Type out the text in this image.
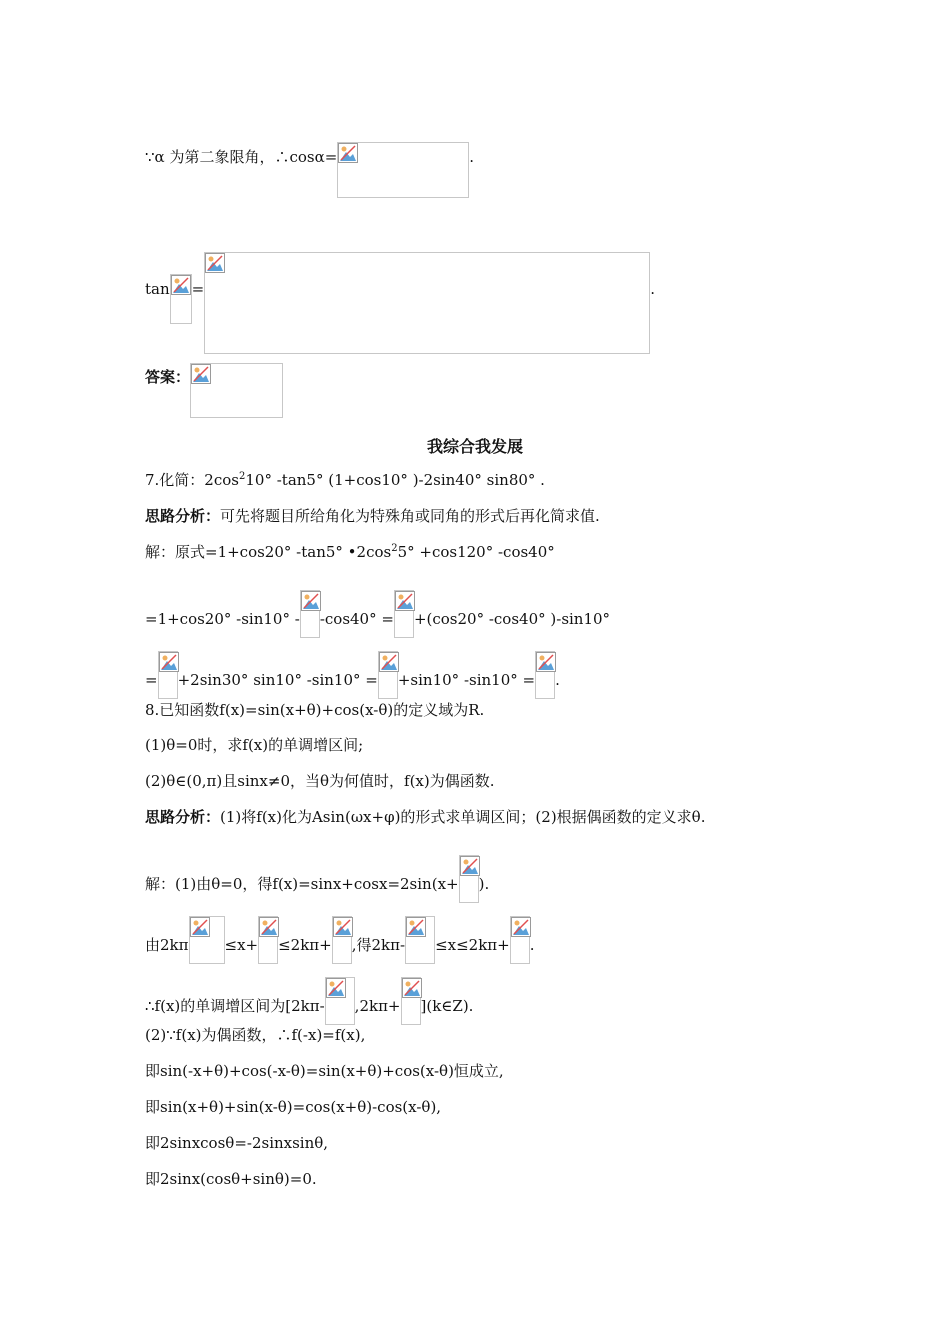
∵α 为第二象限角，∴cosα=	.
tan =	.
答案：
我综合我发展
7.化简：$2\cos^210^\circ$ -tan5° (1+cos10° )-2sin40° sin80° .
思路分析：可先将题目所给角化为特殊角或同角的形式后再化简求值.
解：原式=1+cos20° -tan5° $•2\cos^25^\circ +\cos 120^\circ$ -cos40°
=1+cos20° -sin10° - -cos40° = +(cos20° -cos40° )-sin10°
= +2sin30° sin10° -sin10° = +sin10° -sin10° = .
8.已知函数f(x)=sin(x+θ)+cos(x-θ)的定义域为R.
(1)θ=0时，求f(x)的单调增区间;
(2)θ∈(0,π)且sinx≠0，当θ为何值时，f(x)为偶函数.
思路分析：(1)将f(x)化为Asin(ωx+φ)的形式求单调区间；(2)根据偶函数的定义求θ.
解：(1)由θ=0，得f(x)=sinx+cosx=2sin(x+ ).
由2kπ ≤x+ ≤2kπ+ ,得2kπ- ≤x≤2kπ+ .
∴f(x)的单调增区间为[2kπ- ,2kπ+ ](k∈Z).
(2)∵f(x)为偶函数，∴f(-x)=f(x),
即sin(-x+θ)+cos(-x-θ)=sin(x+θ)+cos(x-θ)恒成立,
即sin(x+θ)+sin(x-θ)=cos(x+θ)-cos(x-θ),
即2sinxcosθ=-2sinxsinθ,
即2sinx(cosθ+sinθ)=0.
